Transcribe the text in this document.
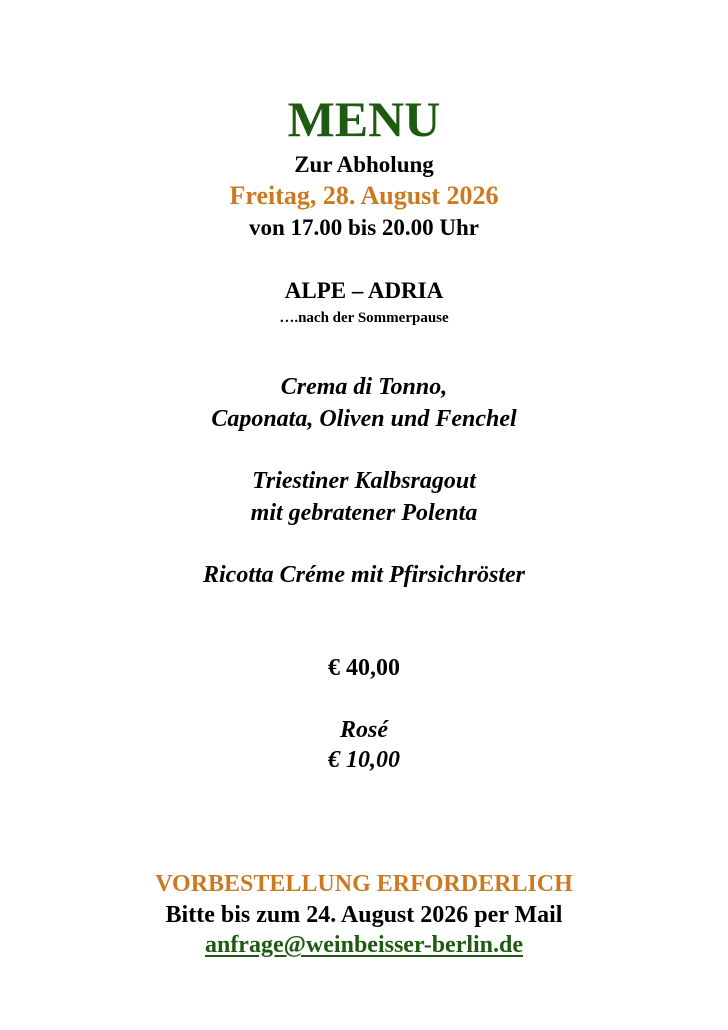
MENU
Zur Abholung
Freitag, 28. August 2026
von 17.00 bis 20.00 Uhr
ALPE – ADRIA
….nach der Sommerpause
Crema di Tonno,
Caponata, Oliven und Fenchel
Triestiner Kalbsragout
mit gebratener Polenta
Ricotta Créme mit Pfirsichröster
€ 40,00
Rosé
€ 10,00
VORBESTELLUNG ERFORDERLICH
Bitte bis zum 24. August 2026 per Mail
anfrage@weinbeisser-berlin.de
